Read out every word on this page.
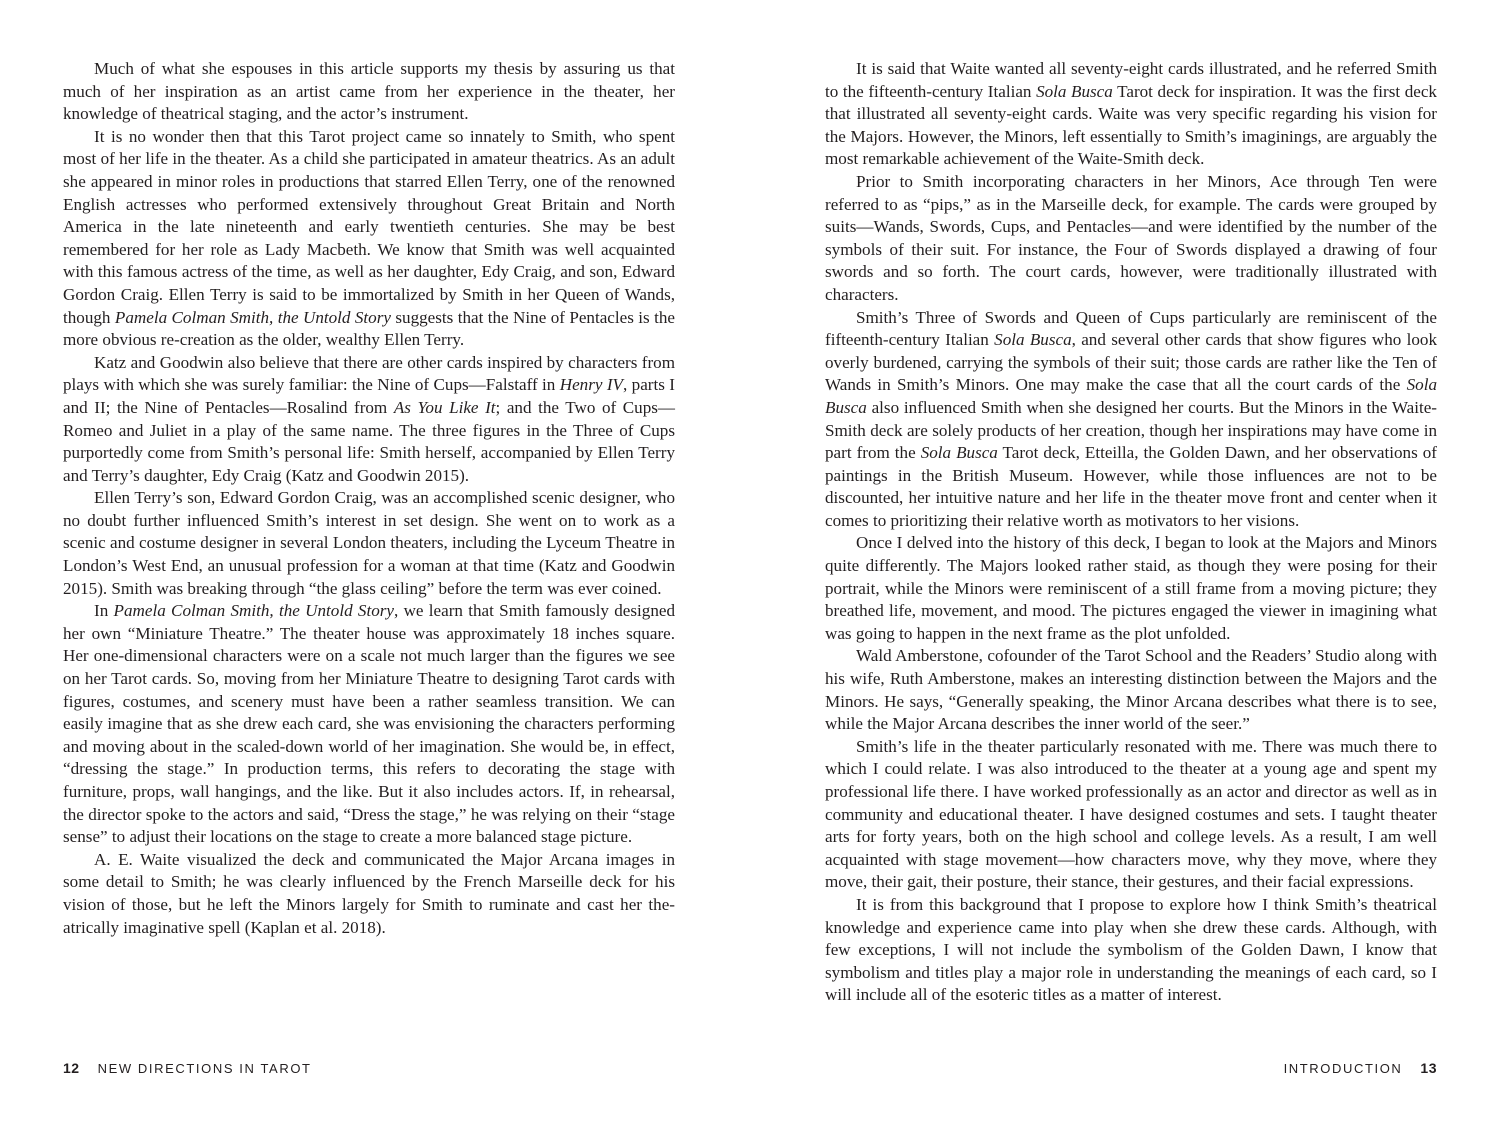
Much of what she espouses in this article supports my thesis by assuring us that much of her inspiration as an artist came from her experience in the theater, her knowledge of theatrical staging, and the actor’s instrument.

It is no wonder then that this Tarot project came so innately to Smith, who spent most of her life in the theater. As a child she participated in amateur theatrics. As an adult she appeared in minor roles in productions that starred Ellen Terry, one of the renowned English actresses who performed extensively throughout Great Britain and North America in the late nineteenth and early twentieth centuries. She may be best remembered for her role as Lady Macbeth. We know that Smith was well acquainted with this famous actress of the time, as well as her daughter, Edy Craig, and son, Edward Gordon Craig. Ellen Terry is said to be immortalized by Smith in her Queen of Wands, though Pamela Colman Smith, the Untold Story suggests that the Nine of Pentacles is the more obvious re-creation as the older, wealthy Ellen Terry.

Katz and Goodwin also believe that there are other cards inspired by characters from plays with which she was surely familiar: the Nine of Cups—Falstaff in Henry IV, parts I and II; the Nine of Pentacles—Rosalind from As You Like It; and the Two of Cups—Romeo and Juliet in a play of the same name. The three figures in the Three of Cups purportedly come from Smith’s personal life: Smith herself, accompanied by Ellen Terry and Terry’s daughter, Edy Craig (Katz and Goodwin 2015).

Ellen Terry’s son, Edward Gordon Craig, was an accomplished scenic designer, who no doubt further influenced Smith’s interest in set design. She went on to work as a scenic and costume designer in several London theaters, including the Lyceum Theatre in London’s West End, an unusual profession for a woman at that time (Katz and Goodwin 2015). Smith was breaking through “the glass ceiling” before the term was ever coined.

In Pamela Colman Smith, the Untold Story, we learn that Smith famously designed her own “Miniature Theatre.” The theater house was approximately 18 inches square. Her one-dimensional characters were on a scale not much larger than the figures we see on her Tarot cards. So, moving from her Miniature Theatre to designing Tarot cards with figures, costumes, and scenery must have been a rather seamless transition. We can easily imagine that as she drew each card, she was envisioning the characters performing and moving about in the scaled-down world of her imagination. She would be, in effect, “dressing the stage.” In production terms, this refers to decorating the stage with furniture, props, wall hangings, and the like. But it also includes actors. If, in rehearsal, the director spoke to the actors and said, “Dress the stage,” he was relying on their “stage sense” to adjust their locations on the stage to create a more balanced stage picture.

A. E. Waite visualized the deck and communicated the Major Arcana images in some detail to Smith; he was clearly influenced by the French Marseille deck for his vision of those, but he left the Minors largely for Smith to ruminate and cast her theatrically imaginative spell (Kaplan et al. 2018).

It is said that Waite wanted all seventy-eight cards illustrated, and he referred Smith to the fifteenth-century Italian Sola Busca Tarot deck for inspiration. It was the first deck that illustrated all seventy-eight cards. Waite was very specific regarding his vision for the Majors. However, the Minors, left essentially to Smith’s imaginings, are arguably the most remarkable achievement of the Waite-Smith deck.

Prior to Smith incorporating characters in her Minors, Ace through Ten were referred to as “pips,” as in the Marseille deck, for example. The cards were grouped by suits—Wands, Swords, Cups, and Pentacles—and were identified by the number of the symbols of their suit. For instance, the Four of Swords displayed a drawing of four swords and so forth. The court cards, however, were traditionally illustrated with characters.

Smith’s Three of Swords and Queen of Cups particularly are reminiscent of the fifteenth-century Italian Sola Busca, and several other cards that show figures who look overly burdened, carrying the symbols of their suit; those cards are rather like the Ten of Wands in Smith’s Minors. One may make the case that all the court cards of the Sola Busca also influenced Smith when she designed her courts. But the Minors in the Waite-Smith deck are solely products of her creation, though her inspirations may have come in part from the Sola Busca Tarot deck, Etteilla, the Golden Dawn, and her observations of paintings in the British Museum. However, while those influences are not to be discounted, her intuitive nature and her life in the theater move front and center when it comes to prioritizing their relative worth as motivators to her visions.

Once I delved into the history of this deck, I began to look at the Majors and Minors quite differently. The Majors looked rather staid, as though they were posing for their portrait, while the Minors were reminiscent of a still frame from a moving picture; they breathed life, movement, and mood. The pictures engaged the viewer in imagining what was going to happen in the next frame as the plot unfolded.

Wald Amberstone, cofounder of the Tarot School and the Readers’ Studio along with his wife, Ruth Amberstone, makes an interesting distinction between the Majors and the Minors. He says, “Generally speaking, the Minor Arcana describes what there is to see, while the Major Arcana describes the inner world of the seer.”

Smith’s life in the theater particularly resonated with me. There was much there to which I could relate. I was also introduced to the theater at a young age and spent my professional life there. I have worked professionally as an actor and director as well as in community and educational theater. I have designed costumes and sets. I taught theater arts for forty years, both on the high school and college levels. As a result, I am well acquainted with stage movement—how characters move, why they move, where they move, their gait, their posture, their stance, their gestures, and their facial expressions.

It is from this background that I propose to explore how I think Smith’s theatrical knowledge and experience came into play when she drew these cards. Although, with few exceptions, I will not include the symbolism of the Golden Dawn, I know that symbolism and titles play a major role in understanding the meanings of each card, so I will include all of the esoteric titles as a matter of interest.

12 NEW DIRECTIONS IN TAROT	INTRODUCTION 13
